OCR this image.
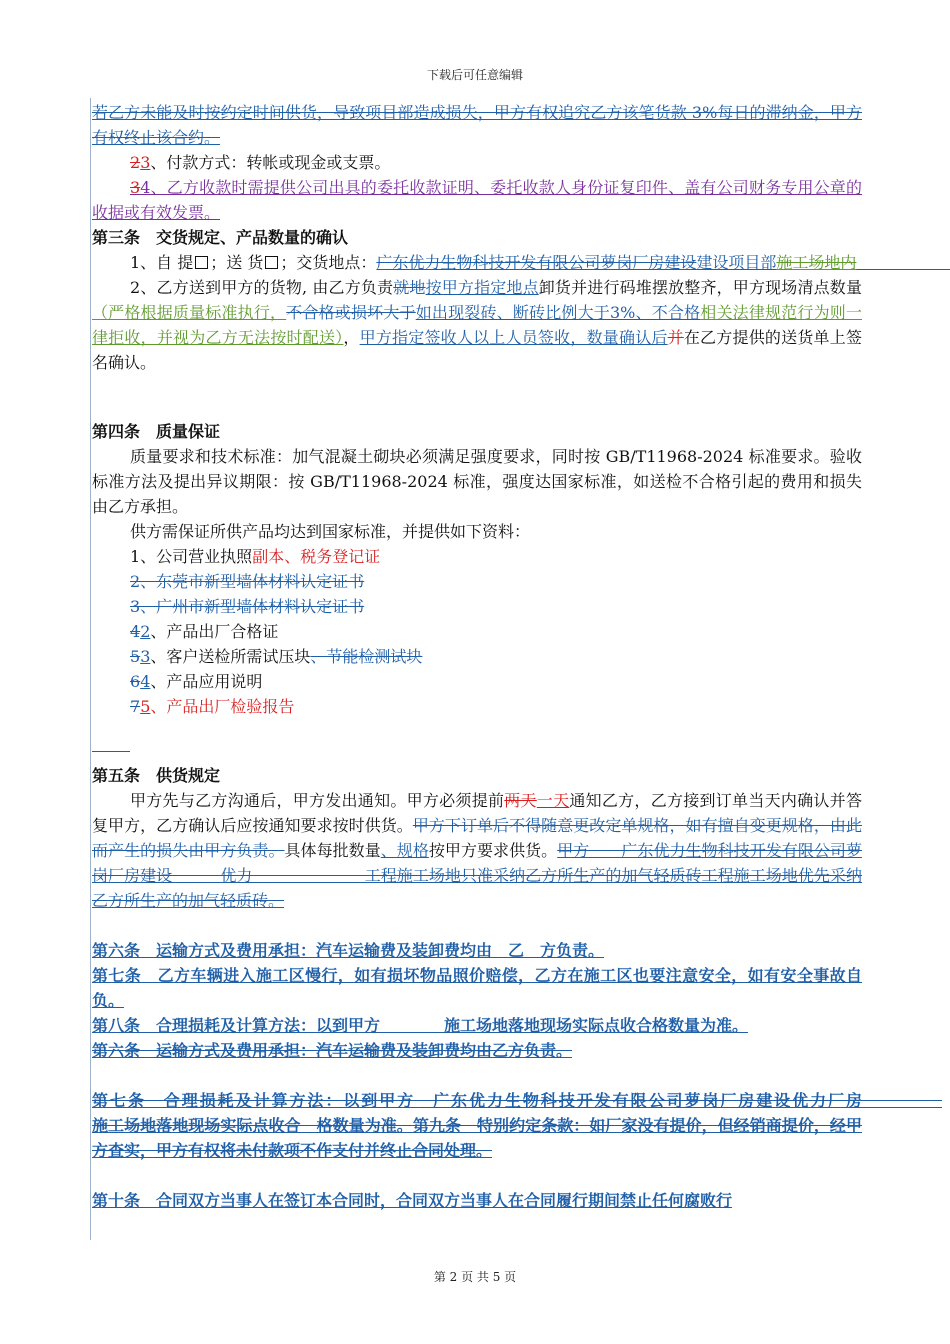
下载后可任意编辑

若乙方未能及时按约定时间供货，导致项目部造成损失，甲方有权追究乙方该笔货款 3%每日的滞纳金，甲方有权终止该合约。

23、付款方式：转帐或现金或支票。

34、乙方收款时需提供公司出具的委托收款证明、委托收款人身份证复印件、盖有公司财务专用公章的收据或有效发票。

第三条　交货规定、产品数量的确认

1、自 提 ；送 货 ；交货地点：广东优力生物科技开发有限公司萝岗厂房建设建设项目部施工场地内　　　　　　　　　　　　　　　　　　

2、乙方送到甲方的货物, 由乙方负责就地按甲方指定地点卸货并进行码堆摆放整齐，甲方现场清点数量（严格根据质量标准执行，不合格或损坏大于如出现裂砖、断砖比例大于3%、不合格相关法律规范行为则一律拒收，并视为乙方无法按时配送），甲方指定签收人以上人员签收，数量确认后并在乙方提供的送货单上签名确认。

第四条　质量保证

质量要求和技术标准：加气混凝土砌块必须满足强度要求，同时按 GB/T11968-2024 标准要求。验收标准方法及提出异议期限：按 GB/T11968-2024 标准，强度达国家标准，如送检不合格引起的费用和损失由乙方承担。

供方需保证所供产品均达到国家标准，并提供如下资料：

1、公司营业执照副本、税务登记证

2、东莞市新型墙体材料认定证书

3、广州市新型墙体材料认定证书

42、产品出厂合格证

53、客户送检所需试压块、节能检测试块

64、产品应用说明

75、产品出厂检验报告

第五条　供货规定

甲方先与乙方沟通后，甲方发出通知。甲方必须提前两天一天通知乙方，乙方接到订单当天内确认并答复甲方，乙方确认后应按通知要求按时供货。甲方下订单后不得随意更改定单规格，如有擅自变更规格，由此而产生的损失由甲方负责。具体每批数量、规格按甲方要求供货。甲方　　广东优力生物科技开发有限公司萝岗厂房建设　　　优力　　　　　　　工程施工场地只准采纳乙方所生产的加气轻质砖工程施工场地优先采纳乙方所生产的加气轻质砖。

第六条　运输方式及费用承担：汽车运输费及装卸费均由　乙　方负责。

第七条　乙方车辆进入施工区慢行，如有损坏物品照价赔偿，乙方在施工区也要注意安全，如有安全事故自负。

第八条　合理损耗及计算方法：以到甲方　　　　施工场地落地现场实际点收合格数量为准。

第六条　运输方式及费用承担：汽车运输费及装卸费均由乙方负责。

第七条　合理损耗及计算方法：以到甲方　广东优力生物科技开发有限公司萝岗厂房建设优力厂房　　　　　施工场地落地现场实际点收合　格数量为准。第九条　特别约定条款：如厂家没有提价，但经销商提价，经甲方查实，甲方有权将未付款项不作支付并终止合同处理。

第十条　合同双方当事人在签订本合同时，合同双方当事人在合同履行期间禁止任何腐败行

第 2 页 共 5 页
